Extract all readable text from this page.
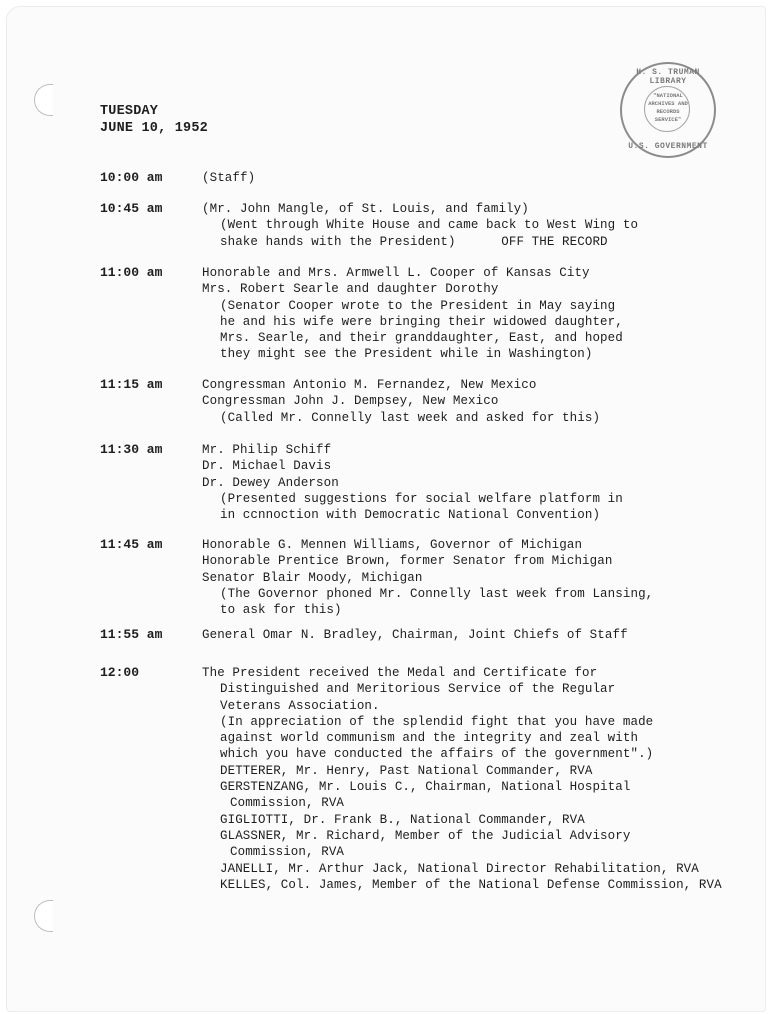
H. S. TRUMAN LIBRARY
"NATIONAL
ARCHIVES AND
RECORDS
SERVICE"
U.S. GOVERNMENT
TUESDAY
JUNE 10, 1952
10:00 am	(Staff)
10:45 am	(Mr. John Mangle, of St. Louis, and family)
(Went through White House and came back to West Wing to
shake hands with the President)      OFF THE RECORD
11:00 am	Honorable and Mrs. Armwell L. Cooper of Kansas City
Mrs. Robert Searle and daughter Dorothy
(Senator Cooper wrote to the President in May saying
he and his wife were bringing their widowed daughter,
Mrs. Searle, and their granddaughter, East, and hoped
they might see the President while in Washington)
11:15 am	Congressman Antonio M. Fernandez, New Mexico
Congressman John J. Dempsey, New Mexico
(Called Mr. Connelly last week and asked for this)
11:30 am	Mr. Philip Schiff
Dr. Michael Davis
Dr. Dewey Anderson
(Presented suggestions for social welfare platform in
in ccnnoction with Democratic National Convention)
11:45 am	Honorable G. Mennen Williams, Governor of Michigan
Honorable Prentice Brown, former Senator from Michigan
Senator Blair Moody, Michigan
(The Governor phoned Mr. Connelly last week from Lansing,
to ask for this)
11:55 am	General Omar N. Bradley, Chairman, Joint Chiefs of Staff
12:00	The President received the Medal and Certificate for
Distinguished and Meritorious Service of the Regular
Veterans Association.
(In appreciation of the splendid fight that you have made
against world communism and the integrity and zeal with
which you have conducted the affairs of the government".)
DETTERER, Mr. Henry, Past National Commander, RVA
GERSTENZANG, Mr. Louis C., Chairman, National Hospital
Commission, RVA
GIGLIOTTI, Dr. Frank B., National Commander, RVA
GLASSNER, Mr. Richard, Member of the Judicial Advisory
Commission, RVA
JANELLI, Mr. Arthur Jack, National Director Rehabilitation, RVA
KELLES, Col. James, Member of the National Defense Commission, RVA
